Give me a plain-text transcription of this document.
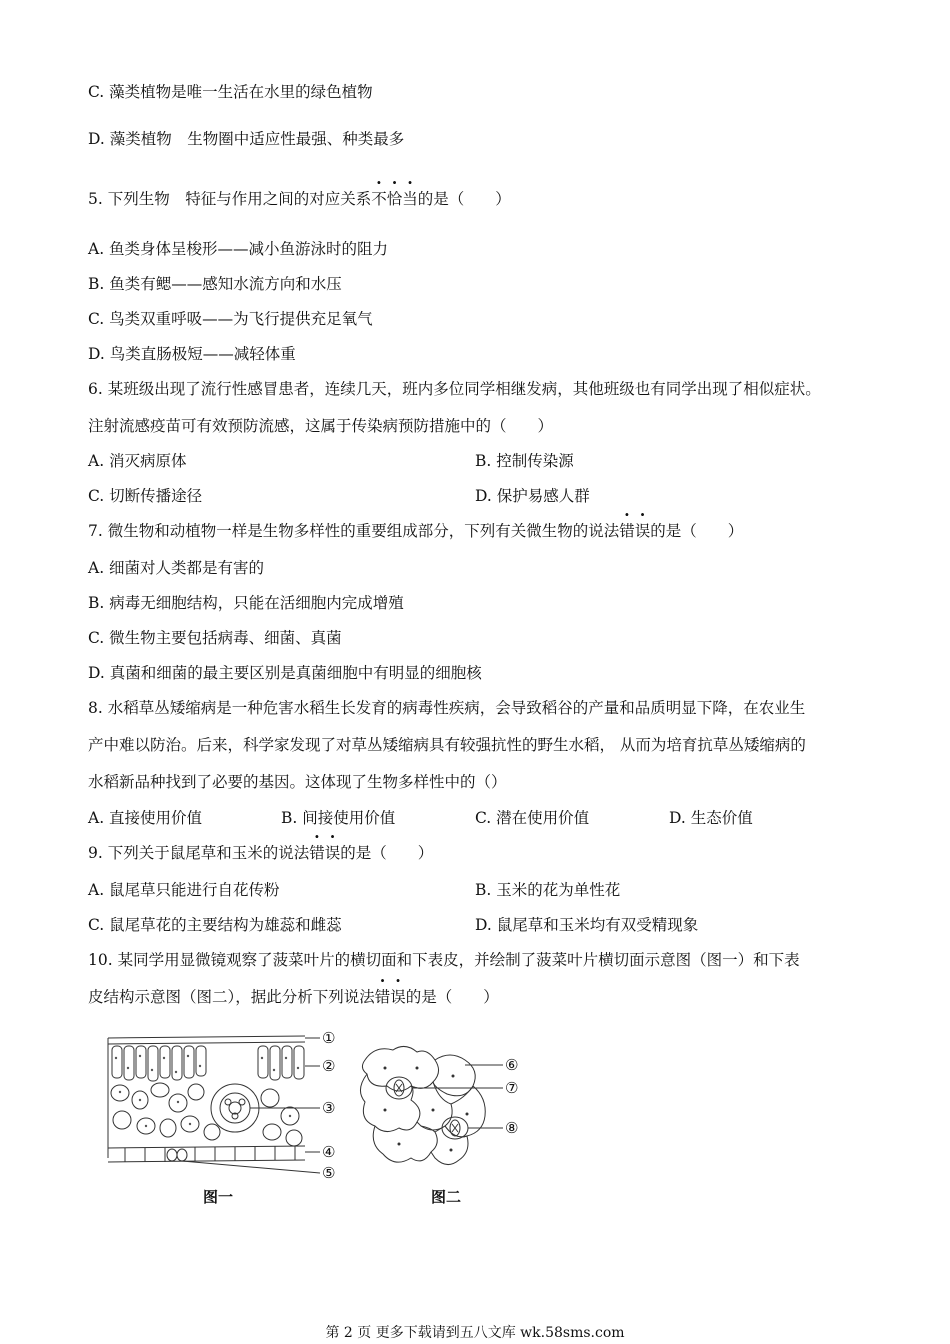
C. 藻类植物是唯一生活在水里的绿色植物
D. 藻类植物　生物圈中适应性最强、种类最多
5. 下列生物　特征与作用之间的对应关系不恰当的是（　　）
A. 鱼类身体呈梭形——减小鱼游泳时的阻力
B. 鱼类有鳃——感知水流方向和水压
C. 鸟类双重呼吸——为飞行提供充足氧气
D. 鸟类直肠极短——减轻体重
6. 某班级出现了流行性感冒患者，连续几天，班内多位同学相继发病，其他班级也有同学出现了相似症状。
注射流感疫苗可有效预防流感，这属于传染病预防措施中的（　　）
A. 消灭病原体	B. 控制传染源
C. 切断传播途径	D. 保护易感人群
7. 微生物和动植物一样是生物多样性的重要组成部分，下列有关微生物的说法错误的是（　　）
A. 细菌对人类都是有害的
B. 病毒无细胞结构，只能在活细胞内完成增殖
C. 微生物主要包括病毒、细菌、真菌
D. 真菌和细菌的最主要区别是真菌细胞中有明显的细胞核
8. 水稻草丛矮缩病是一种危害水稻生长发育的病毒性疾病，会导致稻谷的产量和品质明显下降，在农业生
产中难以防治。后来，科学家发现了对草丛矮缩病具有较强抗性的野生水稻， 从而为培育抗草丛矮缩病的
水稻新品种找到了必要的基因。这体现了生物多样性中的（）
A. 直接使用价值	B. 间接使用价值	C. 潜在使用价值	D. 生态价值
9. 下列关于鼠尾草和玉米的说法错误的是（　　）
A. 鼠尾草只能进行自花传粉	B. 玉米的花为单性花
C. 鼠尾草花的主要结构为雄蕊和雌蕊	D. 鼠尾草和玉米均有双受精现象
10. 某同学用显微镜观察了菠菜叶片的横切面和下表皮，并绘制了菠菜叶片横切面示意图（图一）和下表
皮结构示意图（图二），据此分析下列说法错误的是（　　）
①
②
③
④
⑤
图一
⑥
⑦
⑧
图二
第 2 页 更多下载请到五八文库 wk.58sms.com
